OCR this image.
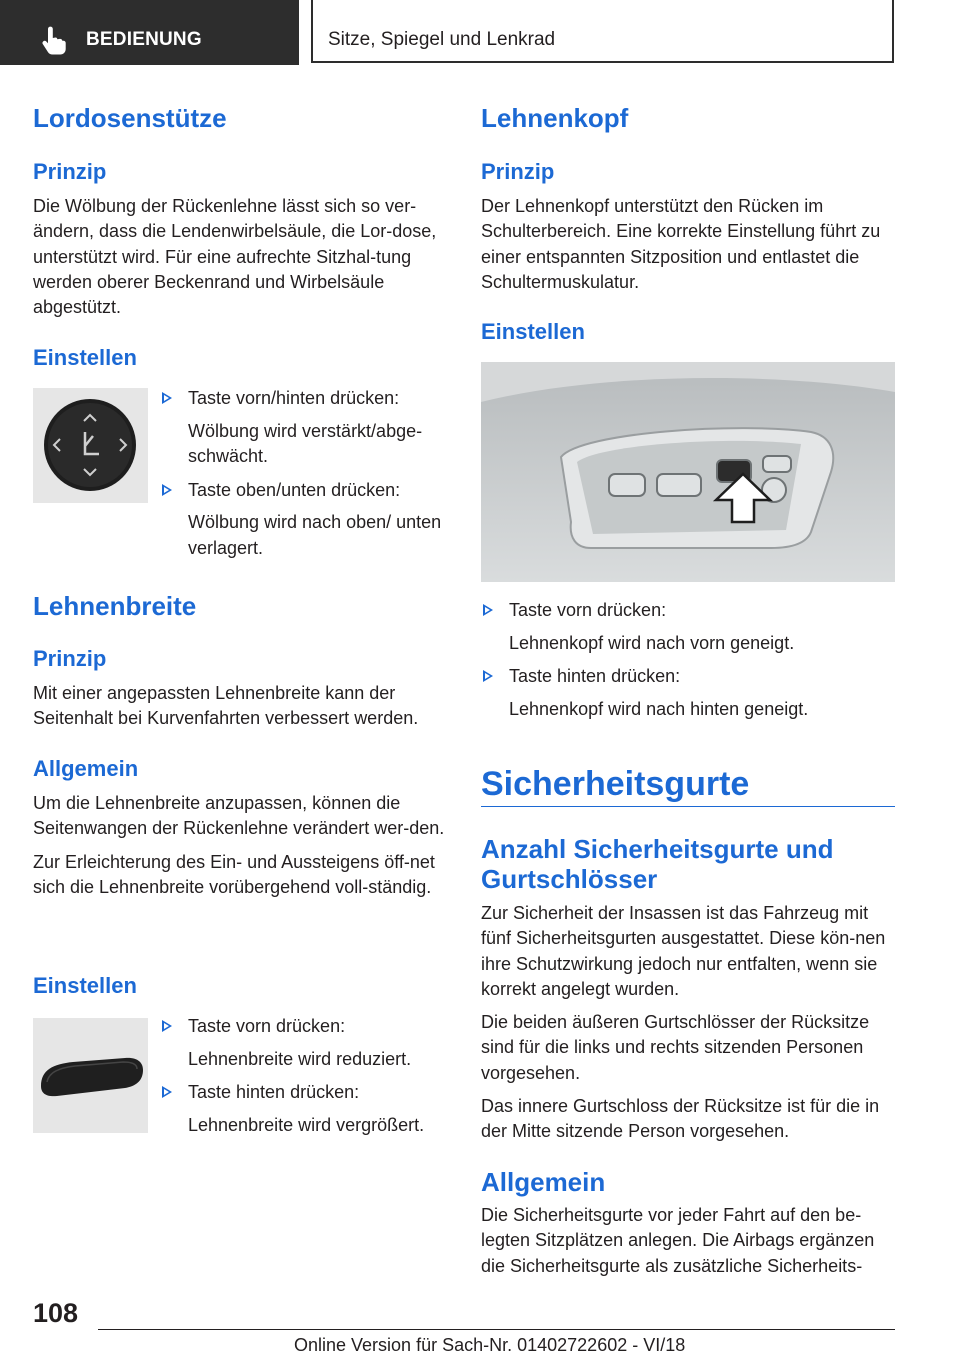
BEDIENUNG	Sitze, Spiegel und Lenkrad
Lordosenstütze
Prinzip

Die Wölbung der Rückenlehne lässt sich so ver-ändern, dass die Lendenwirbelsäule, die Lor-dose, unterstützt wird. Für eine aufrechte Sitzhal-tung werden oberer Beckenrand und Wirbelsäule abgestützt.

Einstellen
Taste vorn/hinten drücken:
Wölbung wird verstärkt/abge-schwächt.
Taste oben/unten drücken:
Wölbung wird nach oben/ unten verlagert.
Lehnenbreite
Prinzip

Mit einer angepassten Lehnenbreite kann der Seitenhalt bei Kurvenfahrten verbessert werden.

Allgemein

Um die Lehnenbreite anzupassen, können die Seitenwangen der Rückenlehne verändert wer-den.

Zur Erleichterung des Ein- und Aussteigens öff-net sich die Lehnenbreite vorübergehend voll-ständig.

Einstellen
Taste vorn drücken:
Lehnenbreite wird reduziert.
Taste hinten drücken:
Lehnenbreite wird vergrößert.
Lehnenkopf
Prinzip

Der Lehnenkopf unterstützt den Rücken im Schulterbereich. Eine korrekte Einstellung führt zu einer entspannten Sitzposition und entlastet die Schultermuskulatur.

Einstellen
Taste vorn drücken:
Lehnenkopf wird nach vorn geneigt.
Taste hinten drücken:
Lehnenkopf wird nach hinten geneigt.
Sicherheitsgurte
Anzahl Sicherheitsgurte und Gurtschlösser

Zur Sicherheit der Insassen ist das Fahrzeug mit fünf Sicherheitsgurten ausgestattet. Diese kön-nen ihre Schutzwirkung jedoch nur entfalten, wenn sie korrekt angelegt wurden.

Die beiden äußeren Gurtschlösser der Rücksitze sind für die links und rechts sitzenden Personen vorgesehen.

Das innere Gurtschloss der Rücksitze ist für die in der Mitte sitzende Person vorgesehen.

Allgemein

Die Sicherheitsgurte vor jeder Fahrt auf den be-legten Sitzplätzen anlegen. Die Airbags ergänzen die Sicherheitsgurte als zusätzliche Sicherheits-

108
Online Version für Sach-Nr. 01402722602 - VI/18
